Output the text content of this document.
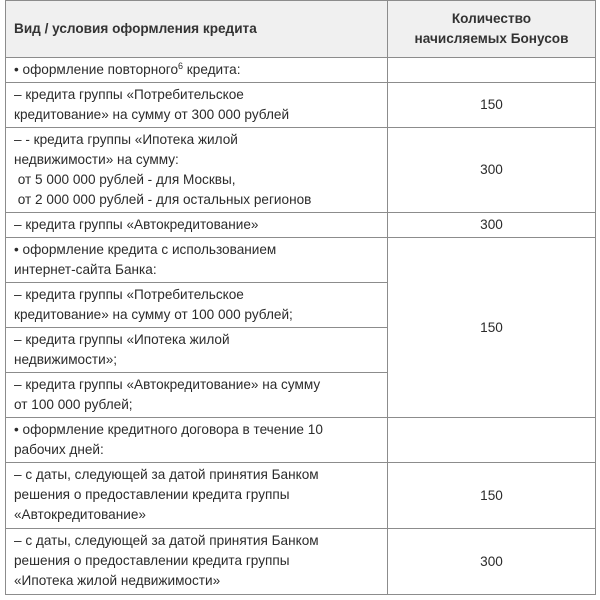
Вид / условия оформления кредита	Количество
начисляемых Бонусов

• оформление повторного$^6$ кредита:	

– кредита группы «Потребительское
кредитование» на сумму от 300 000 рублей	150

– - кредита группы «Ипотека жилой
недвижимости» на сумму:
от 5 000 000 рублей - для Москвы,
от 2 000 000 рублей - для остальных регионов	300

– кредита группы «Автокредитование»	300

• оформление кредита с использованием
интернет-сайта Банка:	150

– кредита группы «Потребительское
кредитование» на сумму от 100 000 рублей;	

– кредита группы «Ипотека жилой
недвижимости»;	

– кредита группы «Автокредитование» на сумму
от 100 000 рублей;	

• оформление кредитного договора в течение 10
рабочих дней:	

– с даты, следующей за датой принятия Банком
решения о предоставлении кредита группы
«Автокредитование»	150

– с даты, следующей за датой принятия Банком
решения о предоставлении кредита группы
«Ипотека жилой недвижимости»	300
